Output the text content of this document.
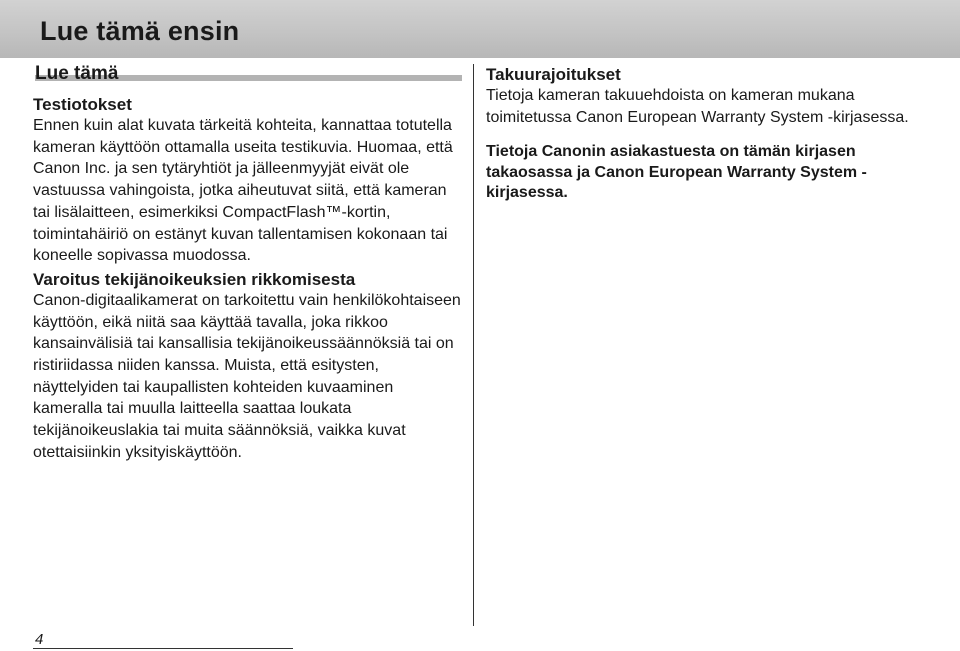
Lue tämä ensin
Lue tämä
Testiotokset

Ennen kuin alat kuvata tärkeitä kohteita, kannattaa totutella kameran käyttöön ottamalla useita testikuvia. Huomaa, että Canon Inc. ja sen tytäryhtiöt ja jälleenmyyjät eivät ole vastuussa vahingoista, jotka aiheutuvat siitä, että kameran tai lisälaitteen, esimerkiksi CompactFlash™-kortin, toimintahäiriö on estänyt kuvan tallentamisen kokonaan tai koneelle sopivassa muodossa.

Varoitus tekijänoikeuksien rikkomisesta

Canon-digitaalikamerat on tarkoitettu vain henkilökohtaiseen käyttöön, eikä niitä saa käyttää tavalla, joka rikkoo kansainvälisiä tai kansallisia tekijänoikeussäännöksiä tai on ristiriidassa niiden kanssa. Muista, että esitysten, näyttelyiden tai kaupallisten kohteiden kuvaaminen kameralla tai muulla laitteella saattaa loukata tekijänoikeuslakia tai muita säännöksiä, vaikka kuvat otettaisiinkin yksityiskäyttöön.

Takuurajoitukset

Tietoja kameran takuuehdoista on kameran mukana toimitetussa Canon European Warranty System -kirjasessa.

Tietoja Canonin asiakastuesta on tämän kirjasen takaosassa ja Canon European Warranty System -kirjasessa.

4
